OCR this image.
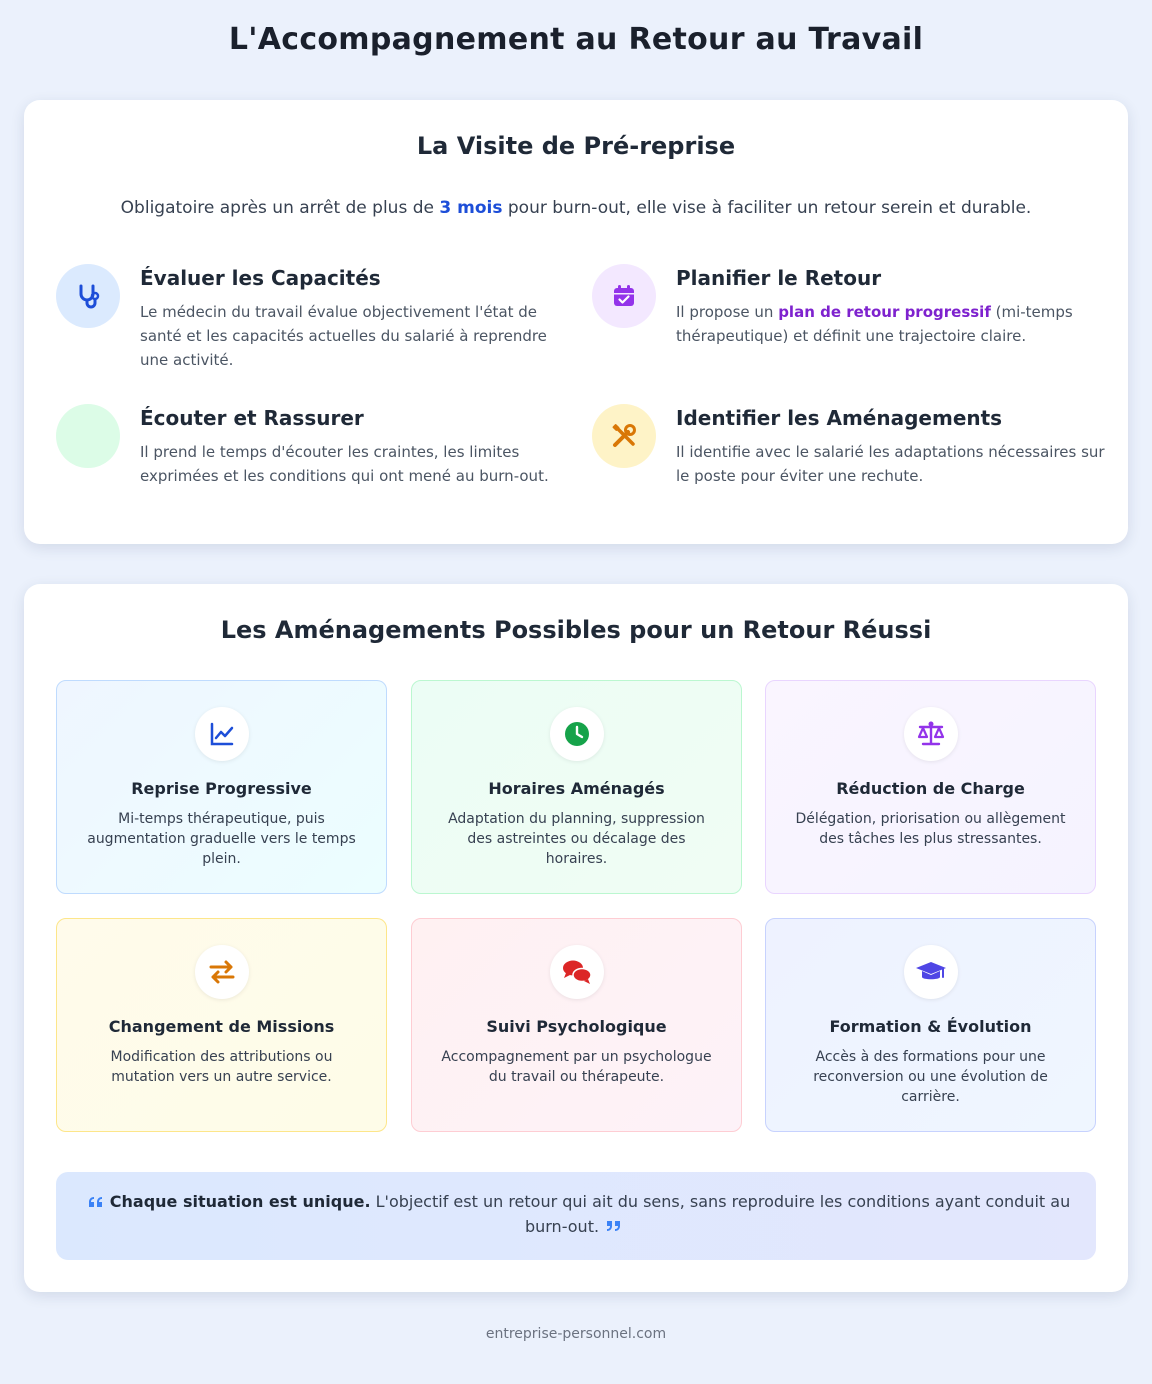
L'Accompagnement au Retour au Travail
La Visite de Pré-reprise
Obligatoire après un arrêt de plus de 3 mois pour burn-out, elle vise à faciliter un retour serein et durable.
Évaluer les Capacités
Le médecin du travail évalue objectivement l'état de santé et les capacités actuelles du salarié à reprendre une activité.
Planifier le Retour
Il propose un plan de retour progressif (mi-temps thérapeutique) et définit une trajectoire claire.
Écouter et Rassurer
Il prend le temps d'écouter les craintes, les limites exprimées et les conditions qui ont mené au burn-out.
Identifier les Aménagements
Il identifie avec le salarié les adaptations nécessaires sur le poste pour éviter une rechute.
Les Aménagements Possibles pour un Retour Réussi
Reprise Progressive
Mi-temps thérapeutique, puis augmentation graduelle vers le temps plein.
Horaires Aménagés
Adaptation du planning, suppression des astreintes ou décalage des horaires.
Réduction de Charge
Délégation, priorisation ou allègement des tâches les plus stressantes.
Changement de Missions
Modification des attributions ou mutation vers un autre service.
Suivi Psychologique
Accompagnement par un psychologue du travail ou thérapeute.
Formation & Évolution
Accès à des formations pour une reconversion ou une évolution de carrière.
Chaque situation est unique. L'objectif est un retour qui ait du sens, sans reproduire les conditions ayant conduit au burn-out.
entreprise-personnel.com
